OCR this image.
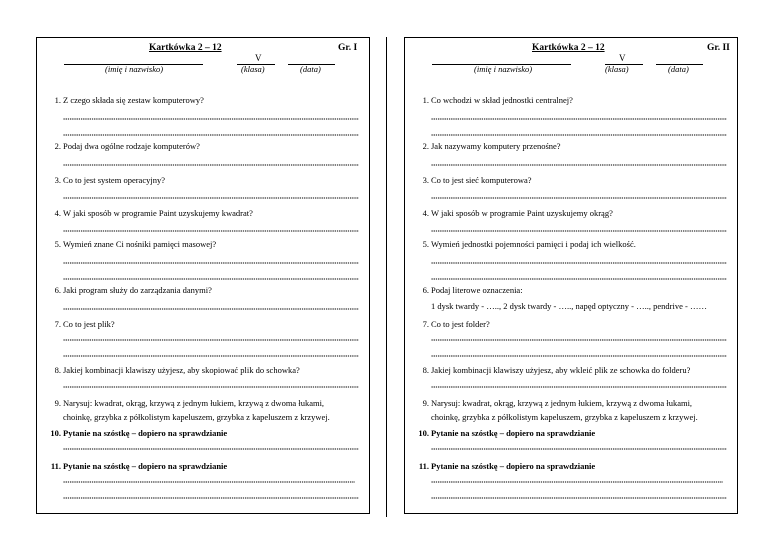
Kartkówka 2 – 12	Gr. I
V
(imię i nazwisko)	(klasa)	(data)
1. Z czego składa się zestaw komputerowy?
2. Podaj dwa ogólne rodzaje komputerów?
3. Co to jest system operacyjny?
4. W jaki sposób w programie Paint uzyskujemy kwadrat?
5. Wymień znane Ci nośniki pamięci masowej?
6. Jaki program służy do zarządzania danymi?
7. Co to jest plik?
8. Jakiej kombinacji klawiszy użyjesz, aby skopiować plik do schowka?
9. Narysuj: kwadrat, okrąg, krzywą z jednym łukiem, krzywą z dwoma łukami,
choinkę, grzybka z półkolistym kapeluszem, grzybka z kapeluszem z krzywej.
10. Pytanie na szóstkę – dopiero na sprawdzianie
11. Pytanie na szóstkę – dopiero na sprawdzianie
Kartkówka 2 – 12	Gr. II
V
(imię i nazwisko)	(klasa)	(data)
1. Co wchodzi w skład jednostki centralnej?
2. Jak nazywamy komputery przenośne?
3. Co to jest sieć komputerowa?
4. W jaki sposób w programie Paint uzyskujemy okrąg?
5. Wymień jednostki pojemności pamięci i podaj ich wielkość.
6. Podaj literowe oznaczenia:
1 dysk twardy - ….., 2 dysk twardy - ….., napęd optyczny - ….., pendrive - ……
7. Co to jest folder?
8. Jakiej kombinacji klawiszy użyjesz, aby wkleić plik ze schowka do folderu?
9. Narysuj: kwadrat, okrąg, krzywą z jednym łukiem, krzywą z dwoma łukami,
choinkę, grzybka z półkolistym kapeluszem, grzybka z kapeluszem z krzywej.
10. Pytanie na szóstkę – dopiero na sprawdzianie
11. Pytanie na szóstkę – dopiero na sprawdzianie
